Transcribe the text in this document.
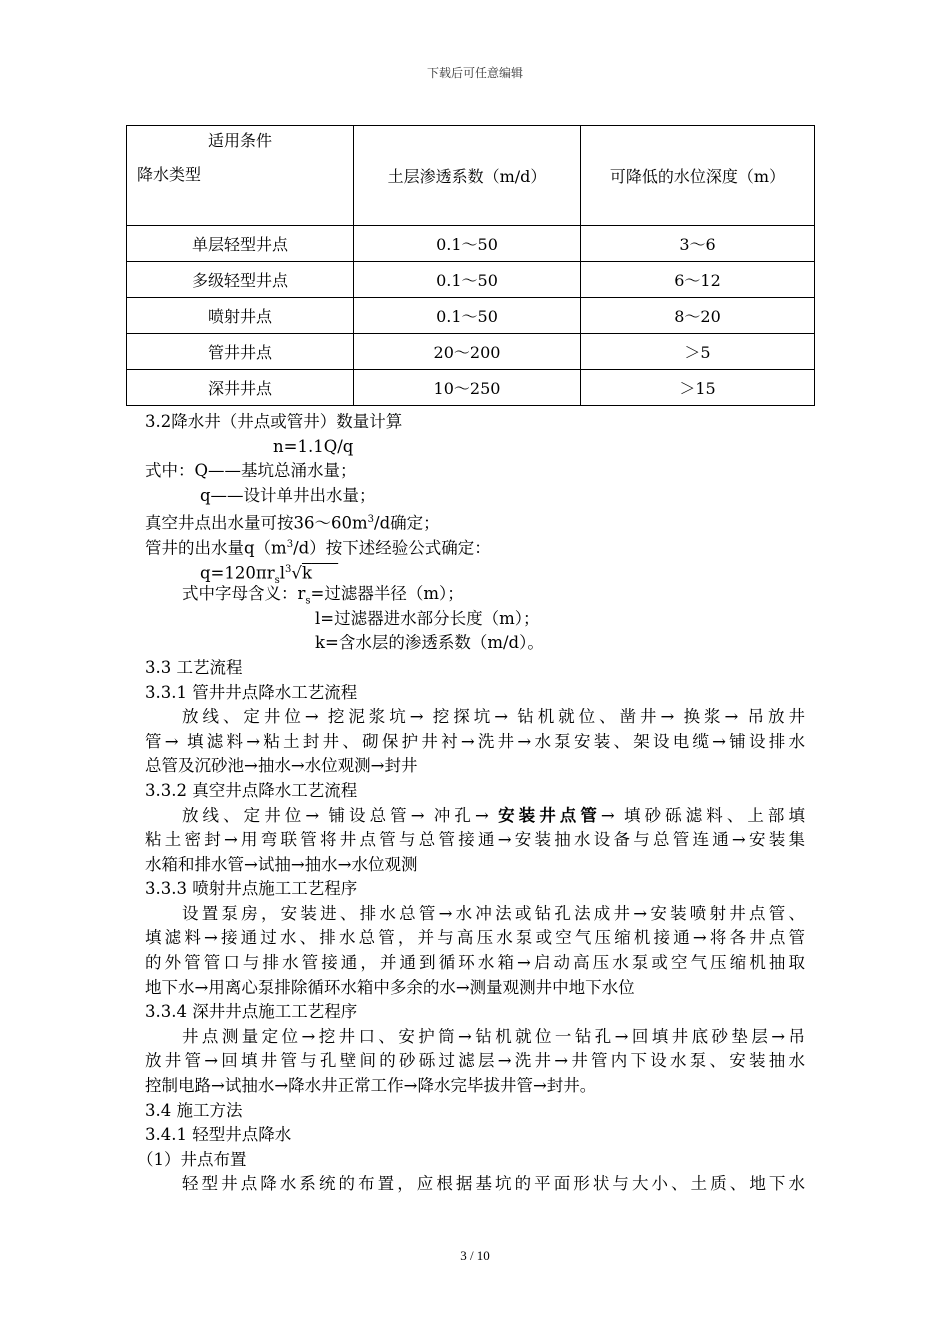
下载后可任意编辑
适用条件
降水类型	土层渗透系数（m/d）	可降低的水位深度（m）
单层轻型井点	0.1～50	3～6
多级轻型井点	0.1～50	6～12
喷射井点	0.1～50	8～20
管井井点	20～200	＞5
深井井点	10～250	＞15
3.2降水井（井点或管井）数量计算
n=1.1Q/q
式中：Q——基坑总涌水量；
q——设计单井出水量；
真空井点出水量可按$36\sim 60m^3/d$确定；
管井的出水量$q(m^3/d)$按下述经验公式确定：
$q=120\pi r_sl^3√k$
式中字母含义：$r_s=$过滤器半径（m）；
l=过滤器进水部分长度（m）；
k=含水层的渗透系数（m/d）。
3.3 工艺流程
3.3.1 管井井点降水工艺流程
放线、定井位→ 挖泥浆坑→ 挖探坑→ 钻机就位、凿井→ 换浆→ 吊放井
管→ 填滤料→粘土封井、砌保护井衬→洗井→水泵安装、架设电缆→铺设排水
总管及沉砂池→抽水→水位观测→封井
3.3.2 真空井点降水工艺流程
放线、定井位→ 铺设总管→ 冲孔→ 安装井点管→ 填砂砾滤料、上部填
粘土密封→用弯联管将井点管与总管接通→安装抽水设备与总管连通→安装集
水箱和排水管→试抽→抽水→水位观测
3.3.3 喷射井点施工工艺程序
设置泵房，安装进、排水总管→水冲法或钻孔法成井→安装喷射井点管、
填滤料→接通过水、排水总管，并与高压水泵或空气压缩机接通→将各井点管
的外管管口与排水管接通，并通到循环水箱→启动高压水泵或空气压缩机抽取
地下水→用离心泵排除循环水箱中多余的水→测量观测井中地下水位
3.3.4 深井井点施工工艺程序
井点测量定位→挖井口、安护筒→钻机就位一钻孔→回填井底砂垫层→吊
放井管→回填井管与孔壁间的砂砾过滤层→洗井→井管内下设水泵、安装抽水
控制电路→试抽水→降水井正常工作→降水完毕拔井管→封井。
3.4 施工方法
3.4.1 轻型井点降水
（1）井点布置
轻型井点降水系统的布置，应根据基坑的平面形状与大小、土质、地下水
3 / 10
